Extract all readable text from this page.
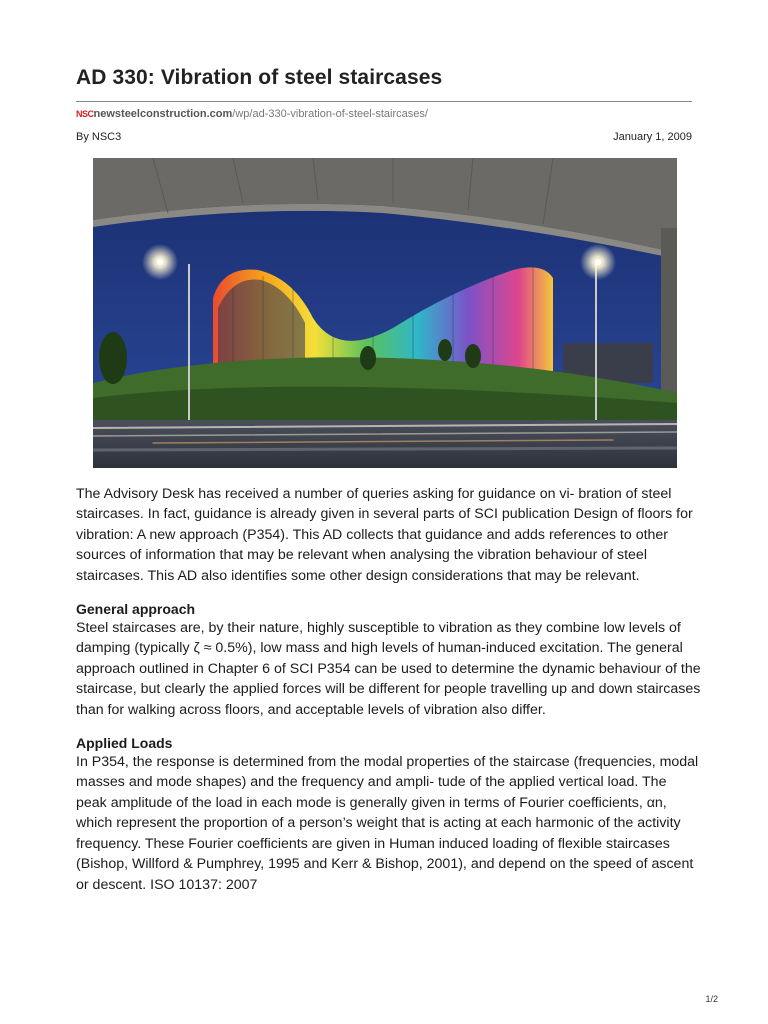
AD 330: Vibration of steel staircases
NSCnewsteelconstruction.com/wp/ad-330-vibration-of-steel-staircases/
By NSC3	January 1, 2009

The Advisory Desk has received a number of queries asking for guidance on vi- bration of steel staircases. In fact, guidance is already given in several parts of SCI publication Design of floors for vibration: A new approach (P354). This AD collects that guidance and adds references to other sources of information that may be relevant when analysing the vibration behaviour of steel staircases. This AD also identifies some other design considerations that may be relevant.

General approach

Steel staircases are, by their nature, highly susceptible to vibration as they combine low levels of damping (typically ζ ≈ 0.5%), low mass and high levels of human-induced excitation. The general approach outlined in Chapter 6 of SCI P354 can be used to determine the dynamic behaviour of the staircase, but clearly the applied forces will be different for people travelling up and down staircases than for walking across floors, and acceptable levels of vibration also differ.

Applied Loads

In P354, the response is determined from the modal properties of the staircase (frequencies, modal masses and mode shapes) and the frequency and ampli- tude of the applied vertical load. The peak amplitude of the load in each mode is generally given in terms of Fourier coefficients, αn, which represent the proportion of a person’s weight that is acting at each harmonic of the activity frequency. These Fourier coefficients are given in Human induced loading of flexible staircases (Bishop, Willford & Pumphrey, 1995 and Kerr & Bishop, 2001), and depend on the speed of ascent or descent. ISO 10137: 2007

1/2
